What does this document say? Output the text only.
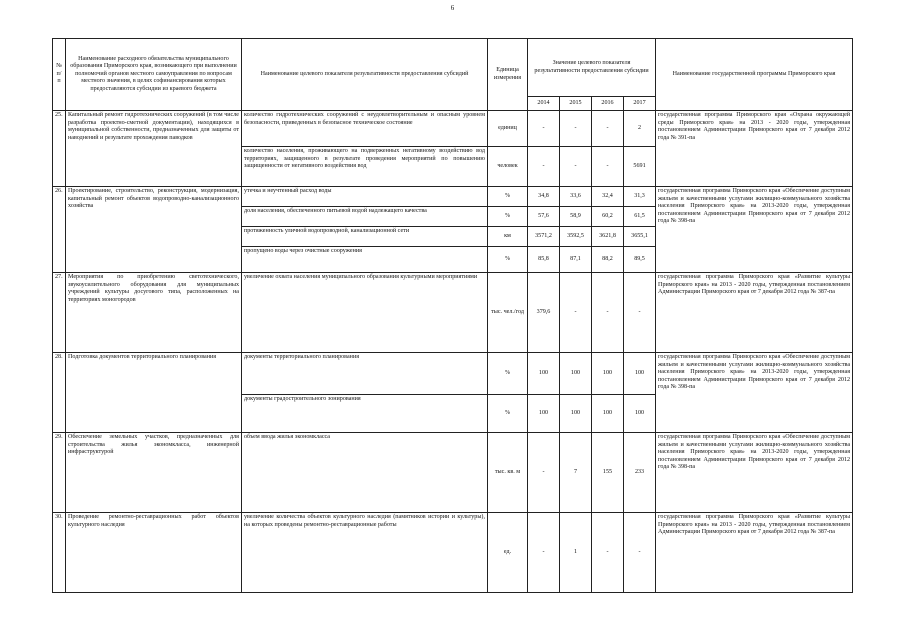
6
№ п/п	Наименование расходного обязательства муниципального образования Приморского края, возникающего при выполнении полномочий органов местного самоуправления по вопросам местного значения, в целях софинансирования которых предоставляются субсидии из краевого бюджета	Наименование целевого показателя результативности предоставления субсидий	Единица измерения	Значение целевого показателя результативности предоставления субсидии				Наименование государственной программы Приморского края
				2014	2015	2016	2017	
25.	Капитальный ремонт гидротехнических сооружений (в том числе разработка проектно-сметной документации), находящихся в муниципальной собственности, предназначенных для защиты от наводнений и результате прохождения паводков	количество гидротехнических сооружений с неудовлетворительным и опасным уровнем безопасности, приведенных в безопасное техническое состояние	единиц	-	-	-	2	государственная программа Приморского края «Охрана окружающей среды Приморского края» на 2013 - 2020 годы, утвержденная постановлением Администрации Приморского края от 7 декабря 2012 года № 391-па
		количество населения, проживающего на подверженных негативному воздействию вод территориях, защищенного в результате проведения мероприятий по повышению защищенности от негативного воздействия вод	человек	-	-	-	5691	
26.	Проектирование, строительство, реконструкция, модернизация, капитальный ремонт объектов водопроводно-канализационного хозяйства	утечка и неучтенный расход воды	%	34,8	33,6	32,4	31,3	государственная программа Приморского края «Обеспечение доступным жильем и качественными услугами жилищно-коммунального хозяйства населения Приморского края» на 2013-2020 годы, утвержденная постановлением Администрации Приморского края от 7 декабря 2012 года № 398-па
		доля населения, обеспеченного питьевой водой надлежащего качества	%	57,6	58,9	60,2	61,5	
		протяженность уличной водопроводной, канализационной сети	км	3571,2	3592,5	3621,8	3655,1	
		пропущено воды через очистные сооружения	%	85,8	87,1	88,2	89,5	
27.	Мероприятия по приобретению светотехнического, звукоусилительного оборудования для муниципальных учреждений культуры досугового типа, расположенных на территориях моногородов	увеличение охвата населения муниципального образования культурными мероприятиями	тыс. чел./год	379,6	-	-	-	государственная программа Приморского края «Развитие культуры Приморского края» на 2013 - 2020 годы, утвержденная постановлением Администрации Приморского края от 7 декабря 2012 года № 387-па
28.	Подготовка документов территориального планирования	документы территориального планирования	%	100	100	100	100	государственная программа Приморского края «Обеспечение доступным жильем и качественными услугами жилищно-коммунального хозяйства населения Приморского края» на 2013-2020 годы, утвержденная постановлением Администрации Приморского края от 7 декабря 2012 года № 398-па
		документы градостроительного зонирования	%	100	100	100	100	
29.	Обеспечение земельных участков, предназначенных для строительства жилья экономкласса, инженерной инфраструктурой	объем ввода жилья экономкласса	тыс. кв. м	-	7	155	233	государственная программа Приморского края «Обеспечение доступным жильем и качественными услугами жилищно-коммунального хозяйства населения Приморского края» на 2013-2020 годы, утвержденная постановлением Администрации Приморского края от 7 декабря 2012 года № 398-па
30.	Проведение ремонтно-реставрационных работ объектов культурного наследия	увеличение количества объектов культурного наследия (памятников истории и культуры), на которых проведены ремонтно-реставрационные работы	ед.	-	1	-	-	государственная программа Приморского края «Развитие культуры Приморского края» на 2013 - 2020 годы, утвержденная постановлением Администрации Приморского края от 7 декабря 2012 года № 387-па
